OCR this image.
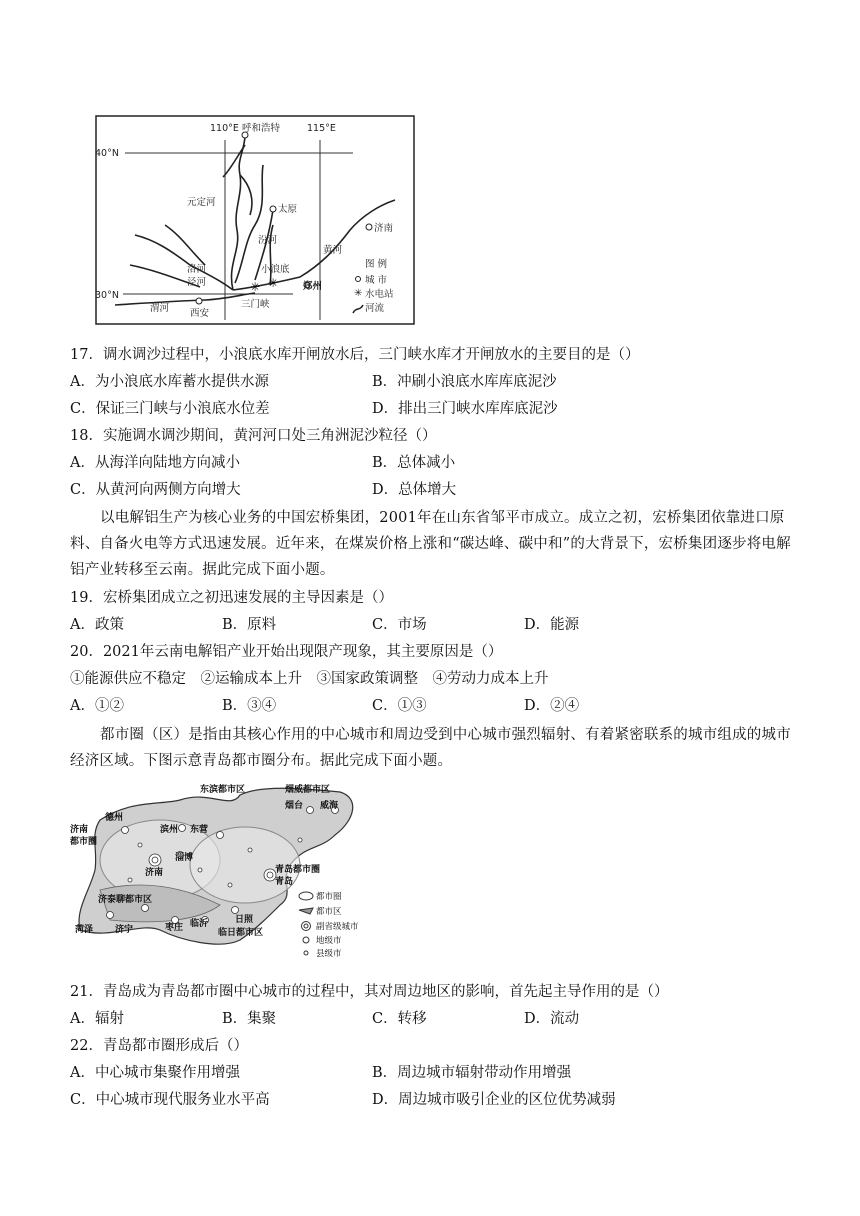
✳ ✳
110°E 呼和浩特	115°E
40°N
30°N
元定河
太原
汾河
济南
黄河
洛河
泾河
小浪底
三门峡
郑州
渭河 西安
图 例
城 市
✳ 水电站
河流
17．调水调沙过程中，小浪底水库开闸放水后，三门峡水库才开闸放水的主要目的是（）
A．为小浪底水库蓄水提供水源	B．冲刷小浪底水库库底泥沙
C．保证三门峡与小浪底水位差	D．排出三门峡水库库底泥沙
18．实施调水调沙期间，黄河河口处三角洲泥沙粒径（）
A．从海洋向陆地方向减小	B．总体减小
C．从黄河向两侧方向增大	D．总体增大
以电解铝生产为核心业务的中国宏桥集团，2001年在山东省邹平市成立。成立之初，宏桥集团依靠进口原料、自备火电等方式迅速发展。近年来，在煤炭价格上涨和“碳达峰、碳中和”的大背景下，宏桥集团逐步将电解铝产业转移至云南。据此完成下面小题。
19．宏桥集团成立之初迅速发展的主导因素是（）
A．政策	B．原料	C．市场	D．能源
20．2021年云南电解铝产业开始出现限产现象，其主要原因是（）
①能源供应不稳定　②运输成本上升　③国家政策调整　④劳动力成本上升
A．①②	B．③④	C．①③	D．②④
都市圈（区）是指由其核心作用的中心城市和周边受到中心城市强烈辐射、有着紧密联系的城市组成的城市经济区域。下图示意青岛都市圈分布。据此完成下面小题。
东滨都市区	烟威都市区
烟台 威海
德州
滨州 东营
济南
都市圈
淄博
济南	青岛都市圈
青岛
济泰聊都市区
菏泽 济宁	枣庄 临沂	日照
临日都市区
都市圈
都市区
副省级城市
地级市
县级市
21．青岛成为青岛都市圈中心城市的过程中，其对周边地区的影响，首先起主导作用的是（）
A．辐射	B．集聚	C．转移	D．流动
22．青岛都市圈形成后（）
A．中心城市集聚作用增强	B．周边城市辐射带动作用增强
C．中心城市现代服务业水平高	D．周边城市吸引企业的区位优势减弱
